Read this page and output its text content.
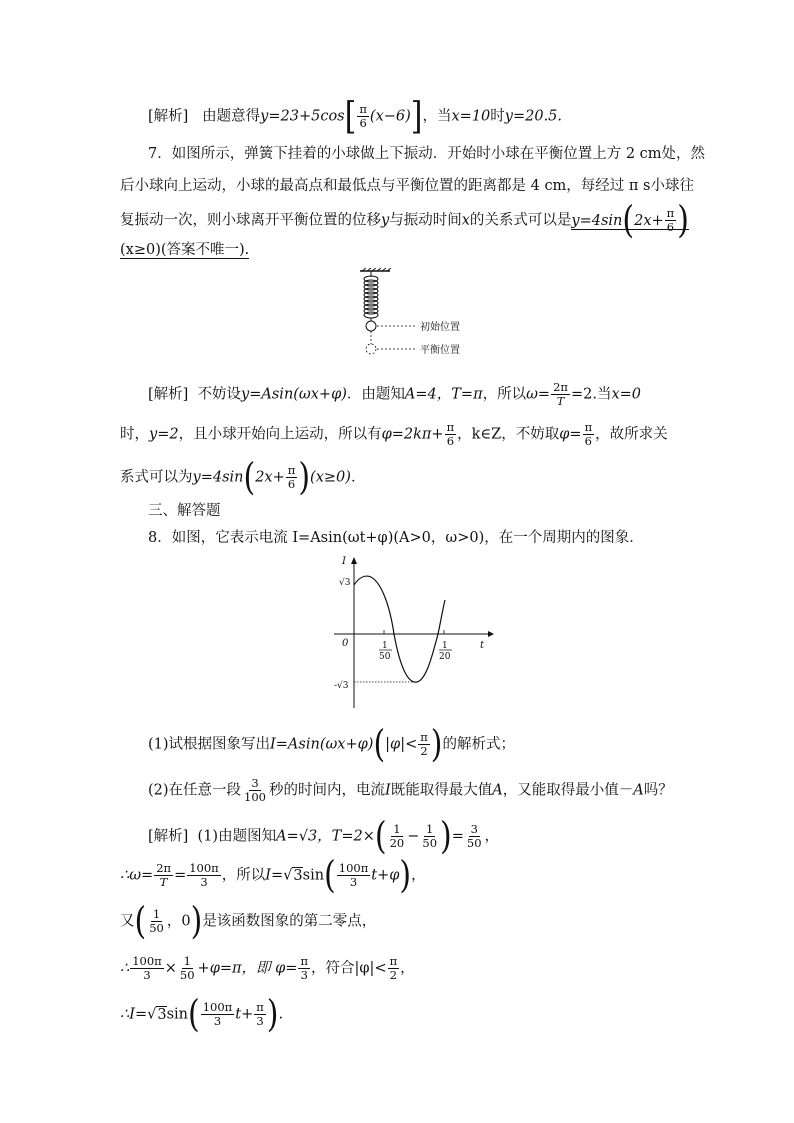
[解析] 由题意得$y=23+5\cos[ \frac{\pi}{6} (x-6)]$，当x=10时y=20.5.
7．如图所示，弹簧下挂着的小球做上下振动．开始时小球在平衡位置上方 2 cm处，然
后小球向上运动，小球的最高点和最低点与平衡位置的距离都是 4 cm，每经过 π s小球往
复振动一次，则小球离开平衡位置的位移y与振动时间x的关系式可以是$y=4\sin(2x+ \frac{\pi}{6}$ )
(x≥0)(答案不唯一).
初始位置
平衡位置
[解析] 不妨设y=Asin(ωx+φ)．由题知A=4，T=π，所以$\omega= \frac{2\pi}{T} =2$.当x=0
时，y=2，且小球开始向上运动，所以有$\varphi=2k\pi+ \frac{\pi}{6}$ ，k∈Z，不妨取$\varphi= \frac{\pi}{6}$ ，故所求关
系式可以为$y=4\sin(2x+ \frac{\pi}{6} )(x\ge 0)$．
三、解答题
8．如图，它表示电流 I=Asin(ωt+φ)(A>0，ω>0)，在一个周期内的图象．
I
t
0
√3
-√3
1
50
1
20
(1)试根据图象写出$I=Asin(\omega x+\varphi)(|\varphi|< \frac{\pi}{2}$ )的解析式；
(2)在任意一段 $\frac{3}{100}$ 秒的时间内，电流I既能取得最大值A，又能取得最小值－A吗？
[解析] (1)由题图知A=√3，$T=2\times( \frac{1}{20} - \frac{1}{50}$ )= $\frac{3}{50}$ ，
∴ω= $\frac{2\pi}{T} = \frac{100\pi}{3}$ ，所以$I=√3\sin( \frac{100\pi}{3} t+\varphi)$，
又( $\frac{1}{50}$ ，0)是该函数图象的第二零点，
∴ $\frac{100\pi}{3} \times \frac{1}{50} +\varphi=\pi$，即 $\varphi= \frac{\pi}{3}$ ，符合$|\varphi|< \frac{\pi}{2}$ ，
∴I=√3sin( $\frac{100\pi}{3} t+ \frac{\pi}{3}$ ).
